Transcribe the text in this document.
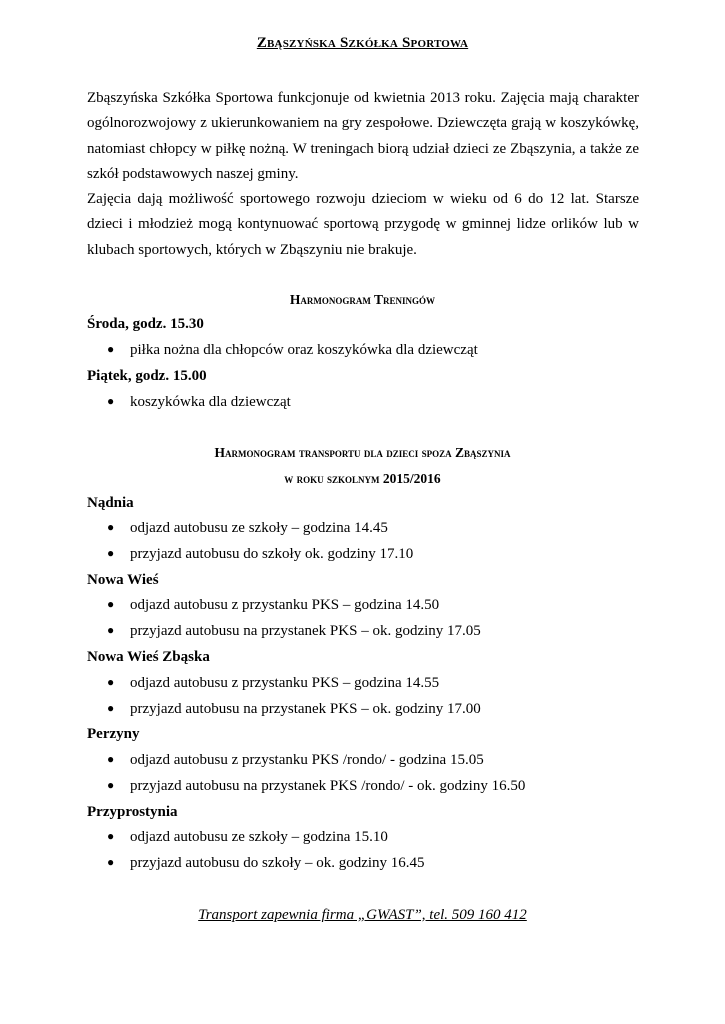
Zbąszyńska Szkółka Sportowa

Zbąszyńska Szkółka Sportowa funkcjonuje od kwietnia 2013 roku. Zajęcia mają charakter ogólnorozwojowy z ukierunkowaniem na gry zespołowe. Dziewczęta grają w koszykówkę, natomiast chłopcy w piłkę nożną. W treningach biorą udział dzieci ze Zbąszynia, a także ze szkół podstawowych naszej gminy.

Zajęcia dają możliwość sportowego rozwoju dzieciom w wieku od 6 do 12 lat. Starsze dzieci i młodzież mogą kontynuować sportową przygodę w gminnej lidze orlików lub w klubach sportowych, których w Zbąszyniu nie brakuje.

Harmonogram Treningów
Środa, godz. 15.30
● piłka nożna dla chłopców oraz koszykówka dla dziewcząt
Piątek, godz. 15.00
● koszykówka dla dziewcząt
Harmonogram transportu dla dzieci spoza Zbąszynia
w roku szkolnym 2015/2016
Nądnia
● odjazd autobusu ze szkoły – godzina 14.45
● przyjazd autobusu do szkoły ok. godziny 17.10
Nowa Wieś
● odjazd autobusu z przystanku PKS – godzina 14.50
● przyjazd autobusu na przystanek PKS – ok. godziny 17.05
Nowa Wieś Zbąska
● odjazd autobusu z przystanku PKS – godzina 14.55
● przyjazd autobusu na przystanek PKS – ok. godziny 17.00
Perzyny
● odjazd autobusu z przystanku PKS /rondo/ - godzina 15.05
● przyjazd autobusu na przystanek PKS /rondo/ - ok. godziny 16.50
Przyprostynia
● odjazd autobusu ze szkoły – godzina 15.10
● przyjazd autobusu do szkoły – ok. godziny 16.45
Transport zapewnia firma „GWAST”, tel. 509 160 412
